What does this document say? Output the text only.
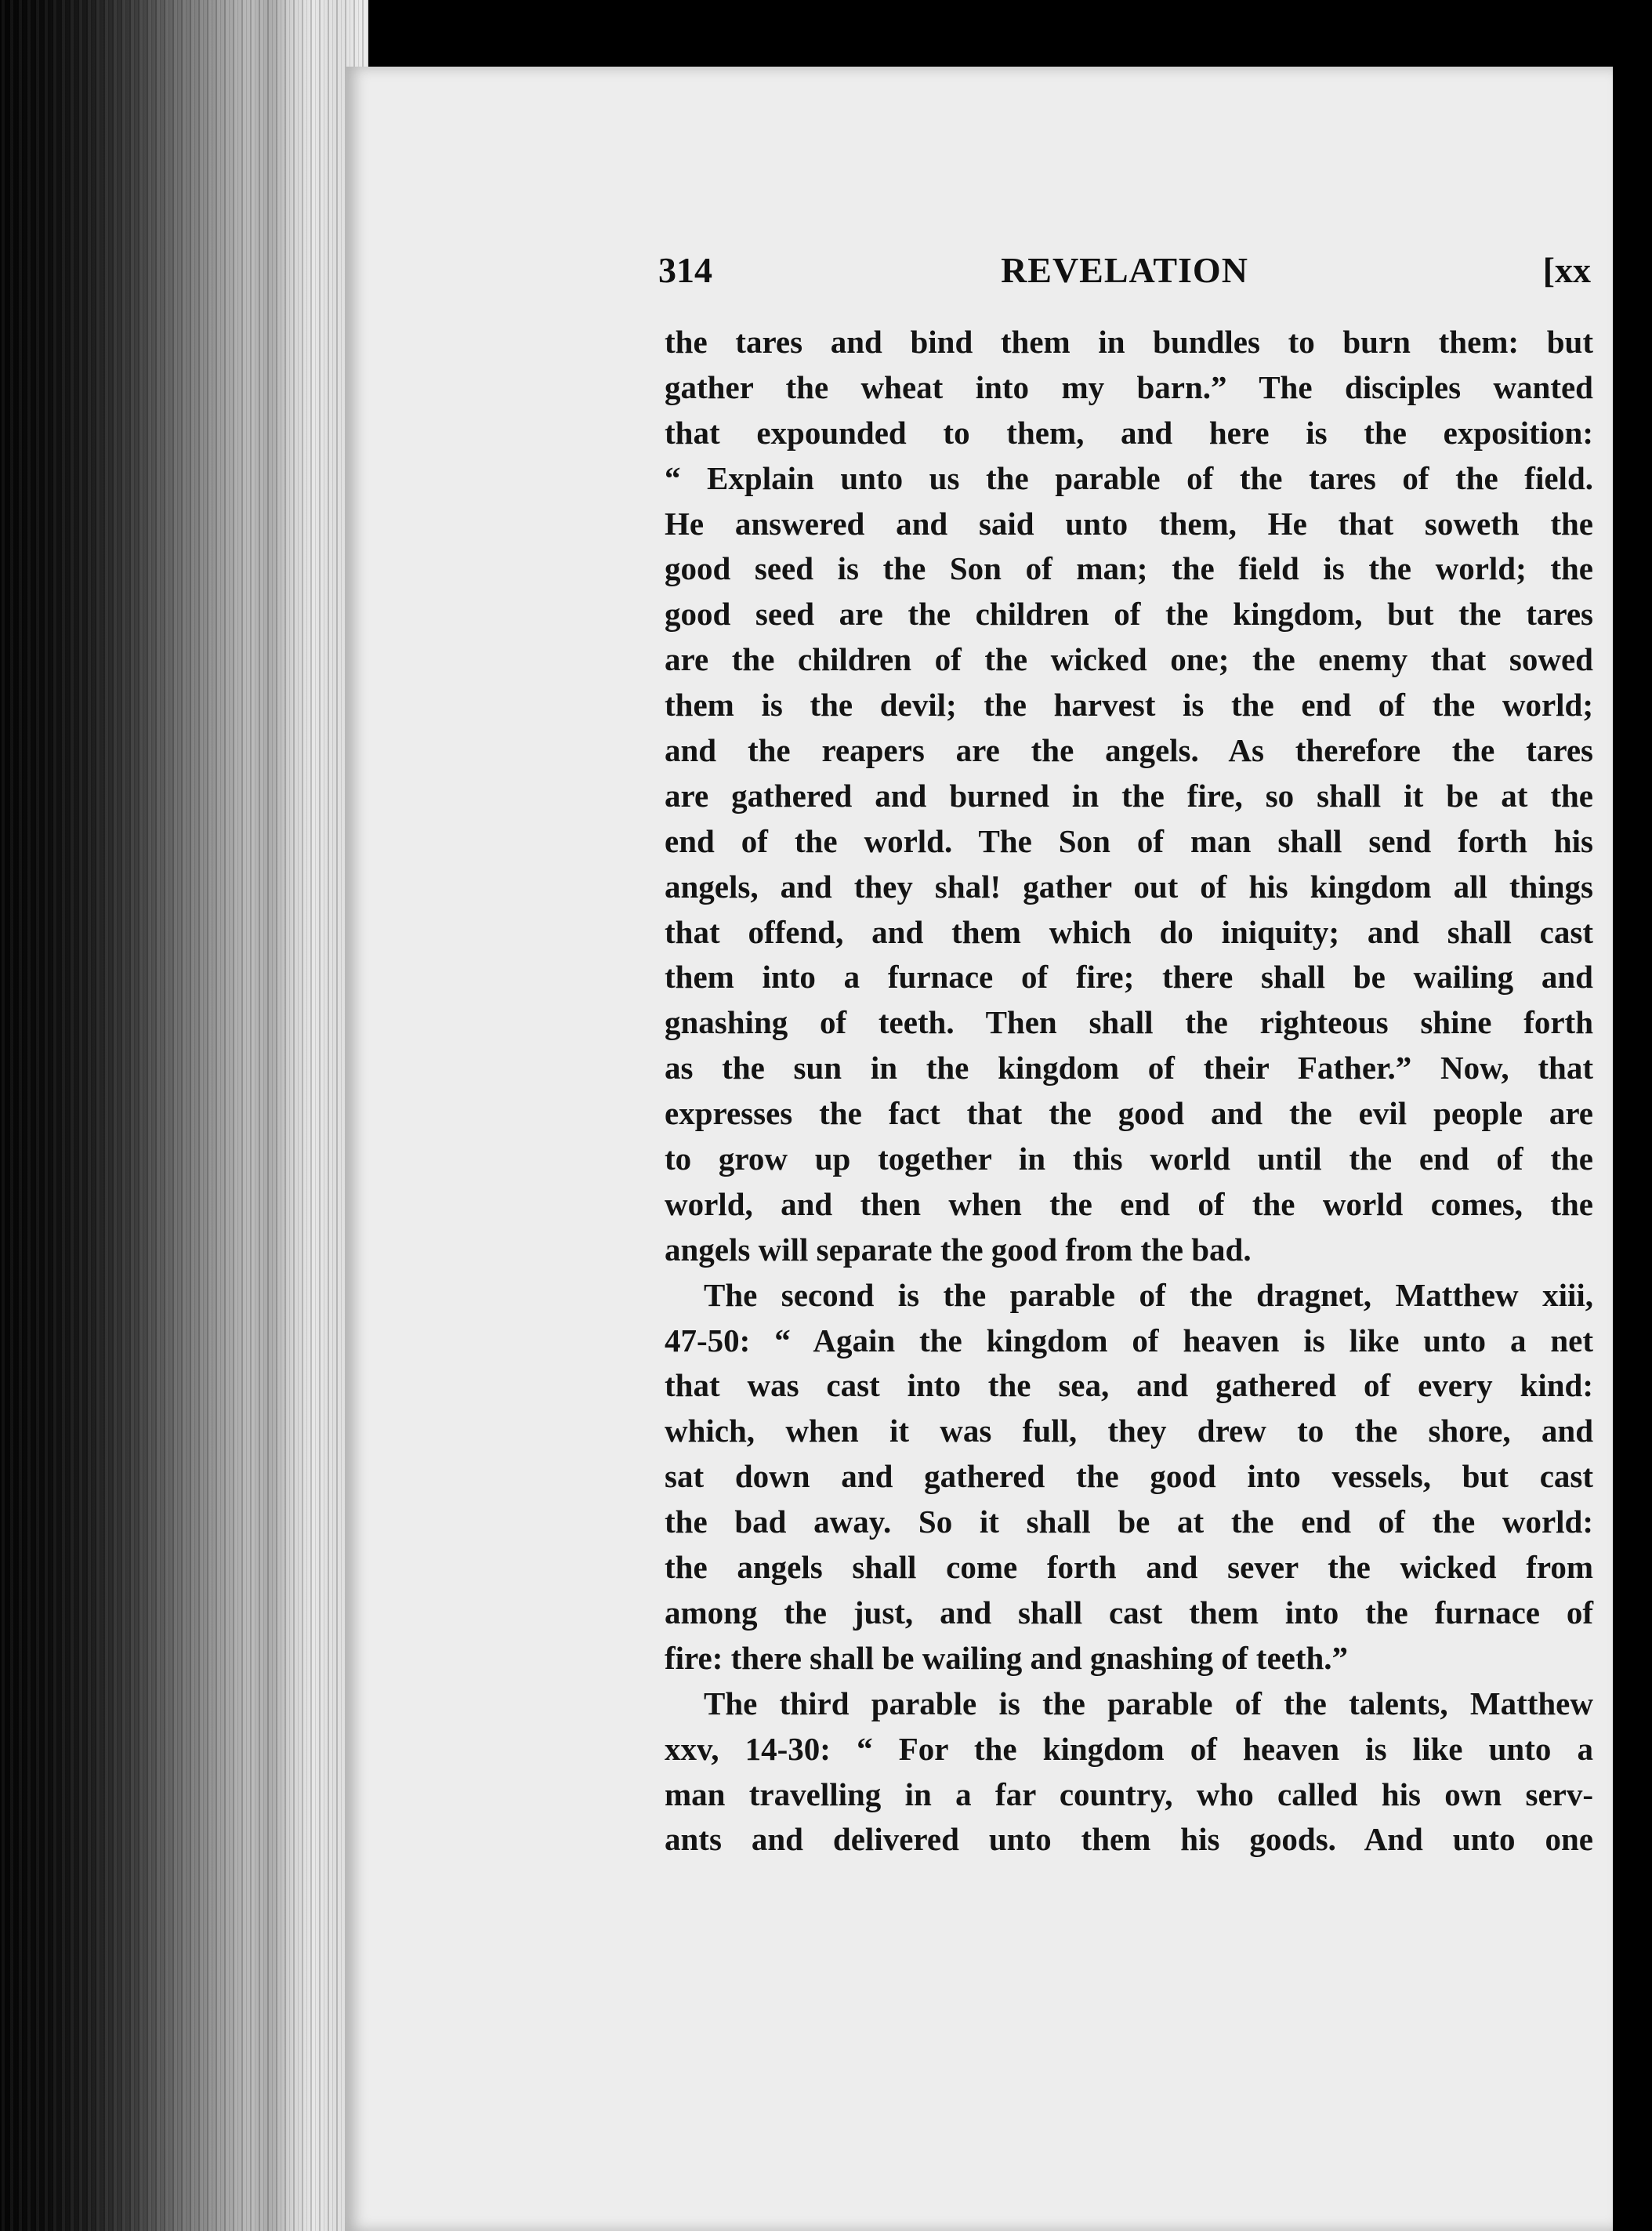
314	REVELATION	[xx
the tares and bind them in bundles to burn them: but
gather the wheat into my barn.” The disciples wanted
that expounded to them, and here is the exposition:
“ Explain unto us the parable of the tares of the field.
He answered and said unto them, He that soweth the
good seed is the Son of man; the field is the world; the
good seed are the children of the kingdom, but the tares
are the children of the wicked one; the enemy that sowed
them is the devil; the harvest is the end of the world;
and the reapers are the angels. As therefore the tares
are gathered and burned in the fire, so shall it be at the
end of the world. The Son of man shall send forth his
angels, and they shal! gather out of his kingdom all things
that offend, and them which do iniquity; and shall cast
them into a furnace of fire; there shall be wailing and
gnashing of teeth. Then shall the righteous shine forth
as the sun in the kingdom of their Father.” Now, that
expresses the fact that the good and the evil people are
to grow up together in this world until the end of the
world, and then when the end of the world comes, the
angels will separate the good from the bad.
The second is the parable of the dragnet, Matthew xiii,
47-50: “ Again the kingdom of heaven is like unto a net
that was cast into the sea, and gathered of every kind:
which, when it was full, they drew to the shore, and
sat down and gathered the good into vessels, but cast
the bad away. So it shall be at the end of the world:
the angels shall come forth and sever the wicked from
among the just, and shall cast them into the furnace of
fire: there shall be wailing and gnashing of teeth.”
The third parable is the parable of the talents, Matthew
xxv, 14-30: “ For the kingdom of heaven is like unto a
man travelling in a far country, who called his own serv-
ants and delivered unto them his goods. And unto one
